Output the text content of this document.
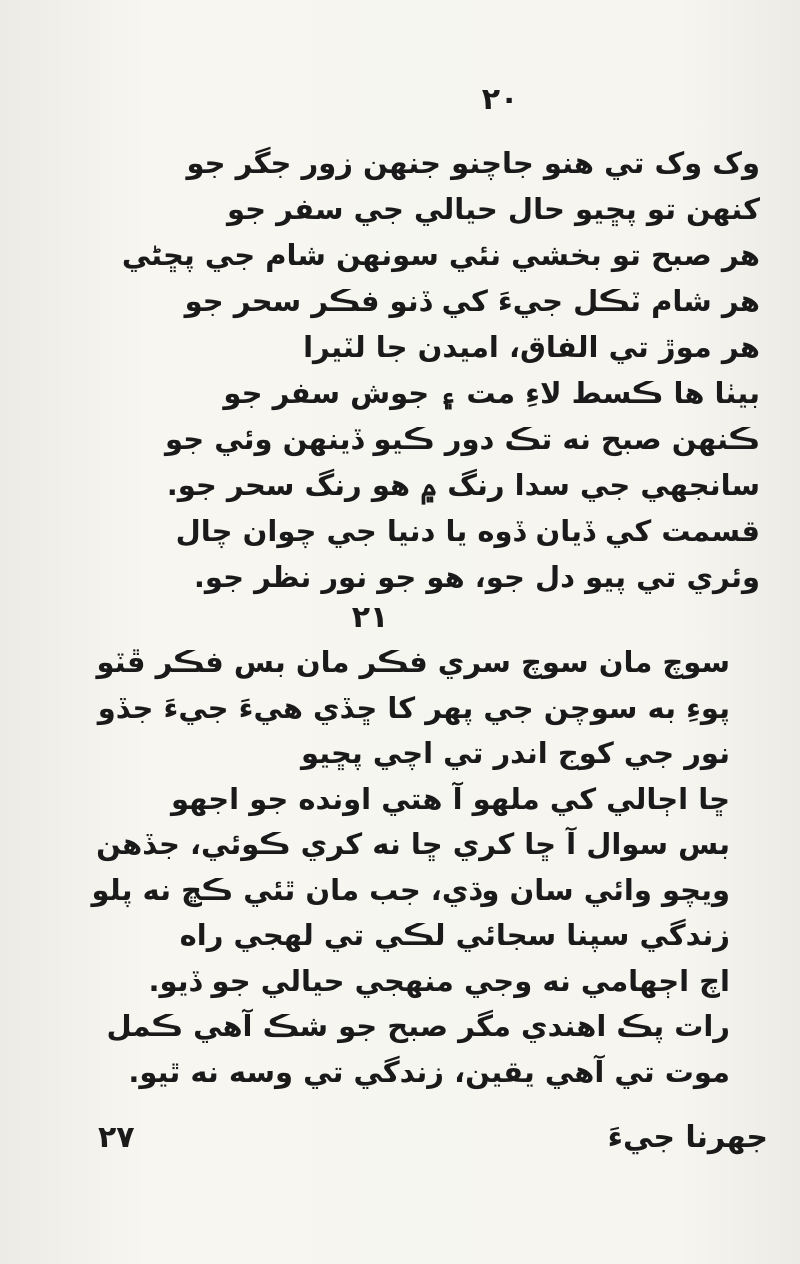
٢٠
وک وک تي هنو جاچنو جنهن زور جگر جو
کنهن تو پڇيو حال حيالي جي سفر جو
هر صبح تو بخشي نئي سونهن شام جي پڇڻي
هر شام ٽڪل جيءَ کي ڏنو فڪر سحر جو
هر موڙ تي الفاق، اميدن جا لٽيرا
بيٺا ها ڪسط لاءِ مت ۽ جوش سفر جو
ڪنهن صبح نه تڪ دور ڪيو ڏينهن وئي جو
سانجهي جي سدا رنگ ۾ هو رنگ سحر جو.
قسمت کي ڏيان ڏوه يا دنيا جي چوان چال
وئري تي پيو دل جو، هو جو نور نظر جو.
٢١
سوچ مان سوچ سري فڪر مان بس فڪر ڦٽو
پوءِ به سوچن جي پهر کا ڇڏي هيءَ جيءَ جڏو
نور جي کوج اندر تي اچي پڇيو
ڇا اڄالي کي ملهو آ هتي اونده جو اجهو
بس سوال آ ڇا کري ڇا نه کري ڪوئي، جڏهن
ويچو وائي سان وڌي، جب مان ٿئي ڪڇ نه پلو
زندگي سپنا سجائي لڪي تي لهجي راه
اچ اڄهامي نه وجي منهجي حيالي جو ڏيو.
رات پڪ اهندي مگر صبح جو شڪ آهي ڪمل
موت تي آهي يقين، زندگي تي وسه نه ٿيو.
٢٧	جهرنا جيءَ
